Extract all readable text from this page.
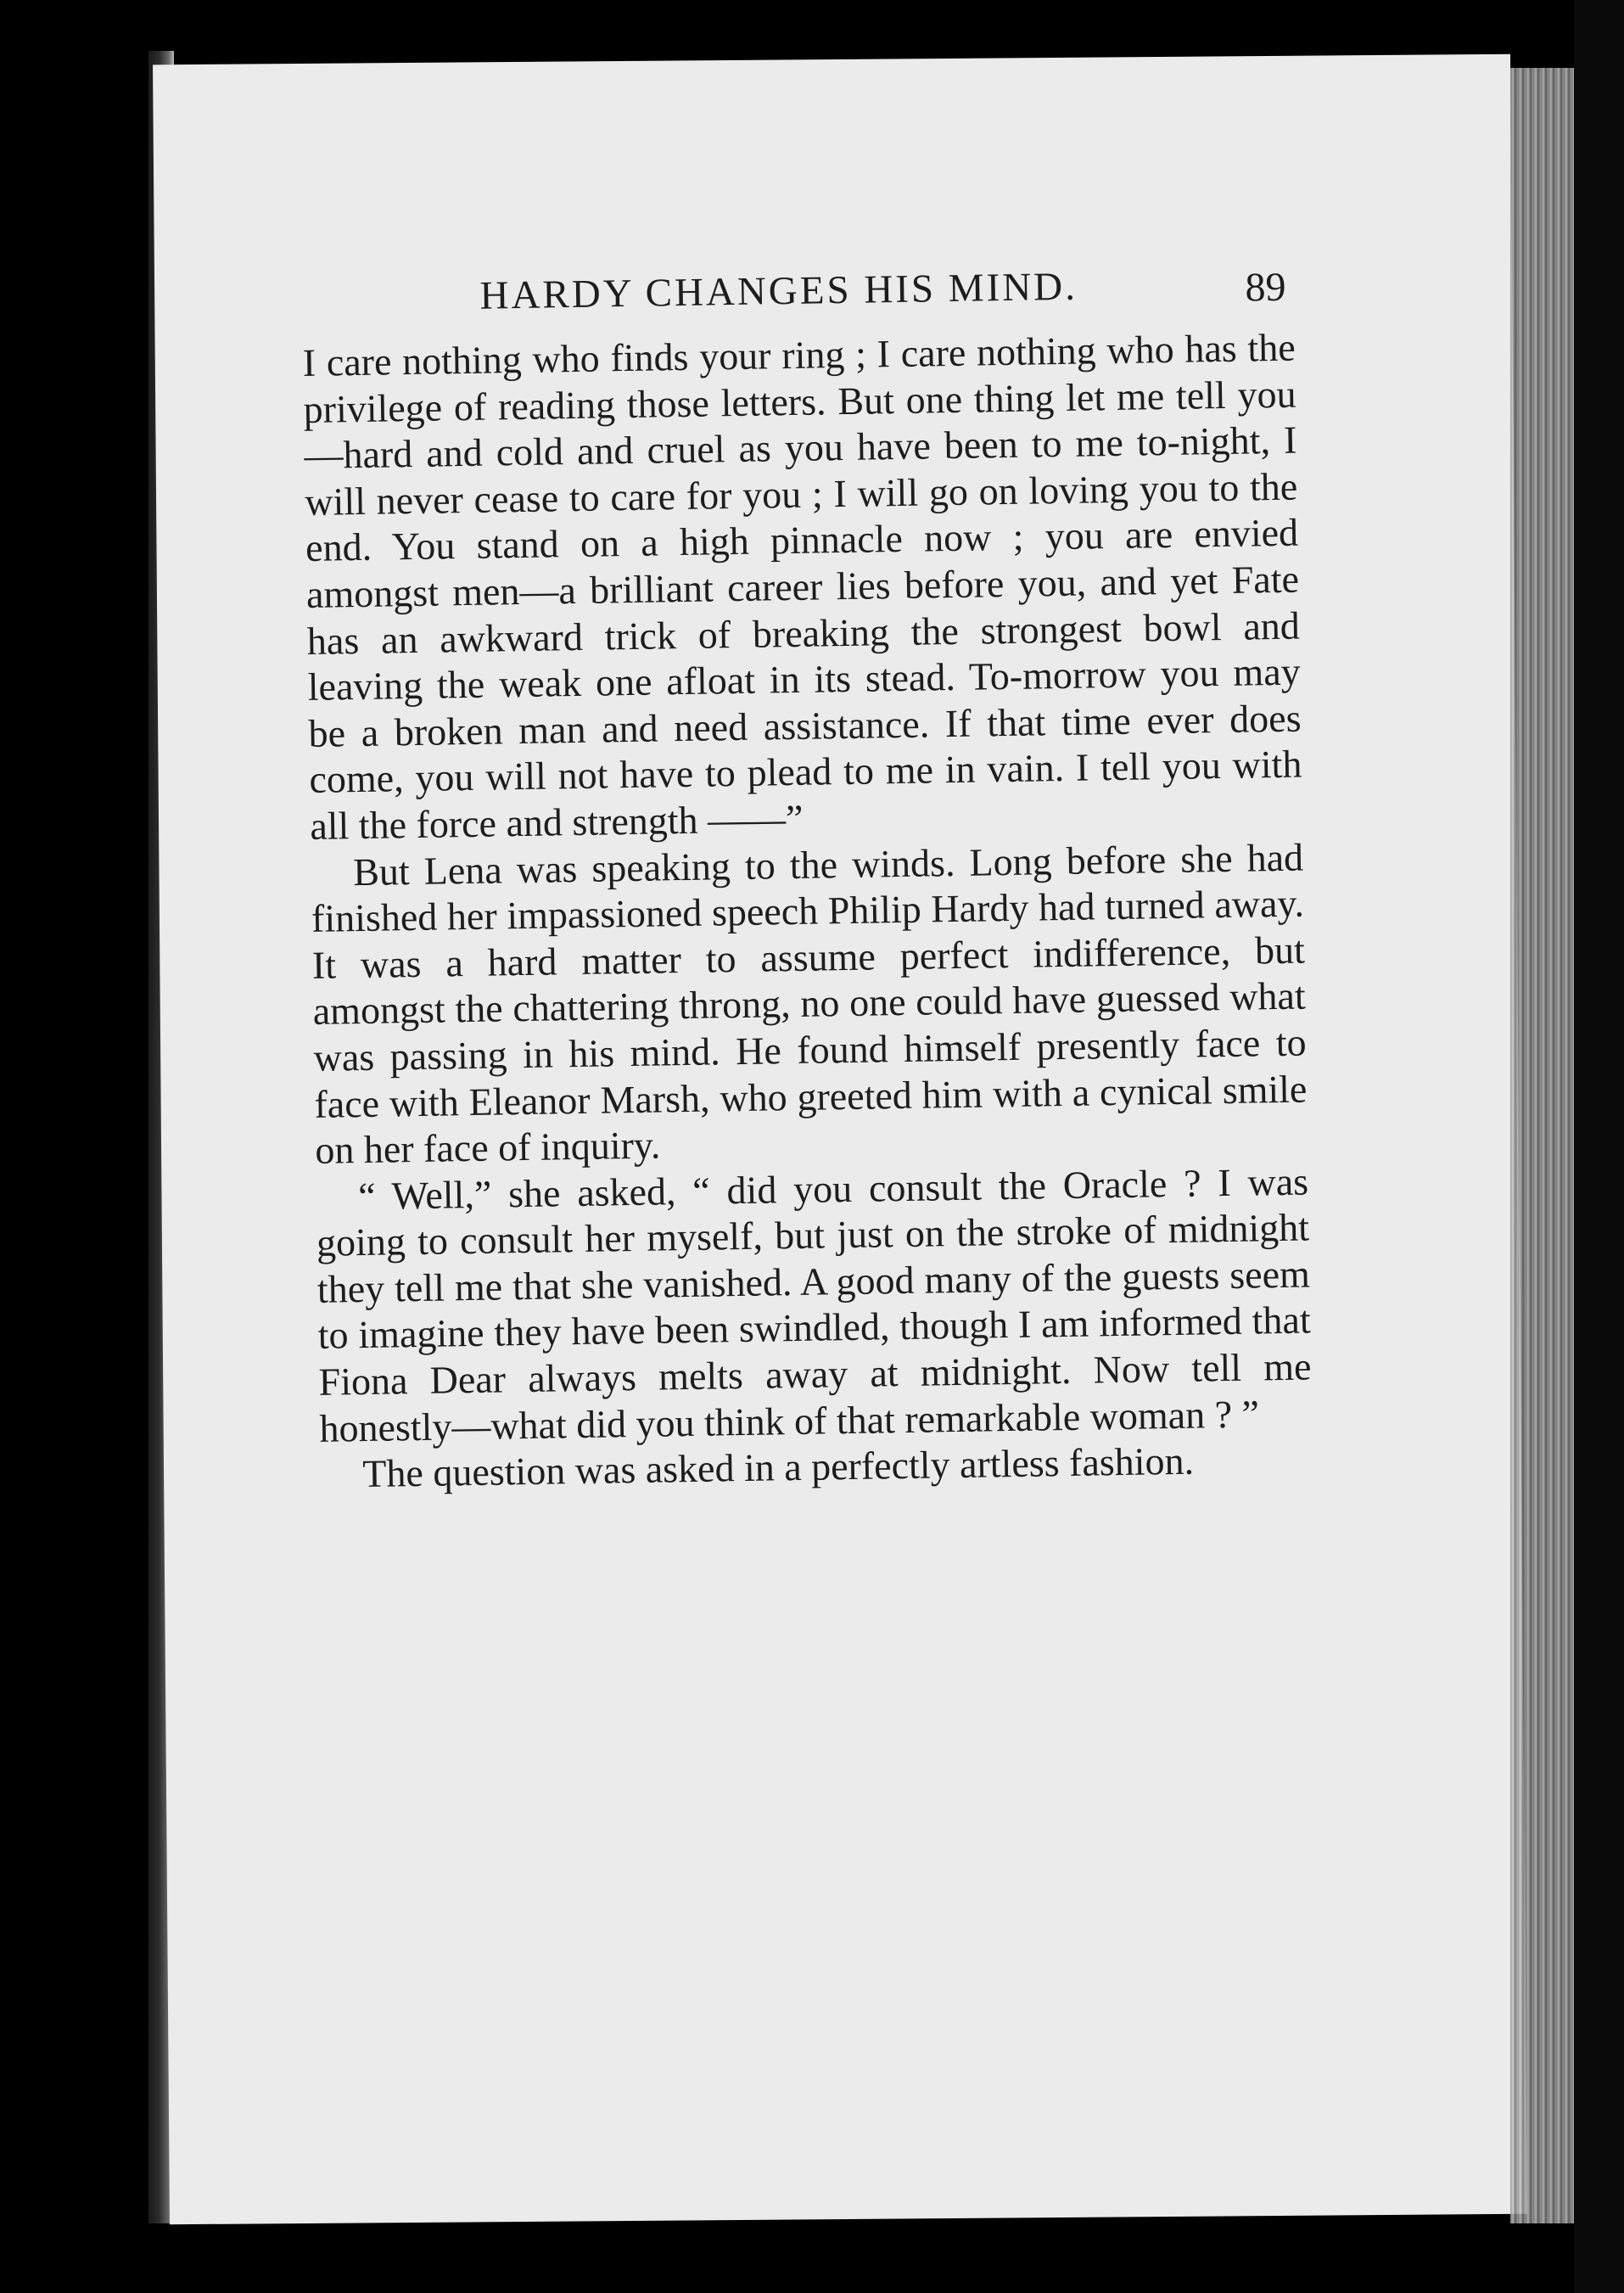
HARDY CHANGES HIS MIND.	89

I care nothing who finds your ring ; I care nothing who has the privilege of reading those letters. But one thing let me tell you—hard and cold and cruel as you have been to me to-night, I will never cease to care for you ; I will go on loving you to the end. You stand on a high pinnacle now ; you are envied amongst men—a brilliant career lies before you, and yet Fate has an awkward trick of breaking the strongest bowl and leaving the weak one afloat in its stead. To-morrow you may be a broken man and need assistance. If that time ever does come, you will not have to plead to me in vain. I tell you with all the force and strength ——”

But Lena was speaking to the winds. Long before she had finished her impassioned speech Philip Hardy had turned away. It was a hard matter to assume perfect indifference, but amongst the chattering throng, no one could have guessed what was passing in his mind. He found himself presently face to face with Eleanor Marsh, who greeted him with a cynical smile on her face of inquiry.

“ Well,” she asked, “ did you consult the Oracle ? I was going to consult her myself, but just on the stroke of midnight they tell me that she vanished. A good many of the guests seem to imagine they have been swindled, though I am informed that Fiona Dear always melts away at midnight. Now tell me honestly—what did you think of that remarkable woman ? ”

The question was asked in a perfectly artless fashion.
